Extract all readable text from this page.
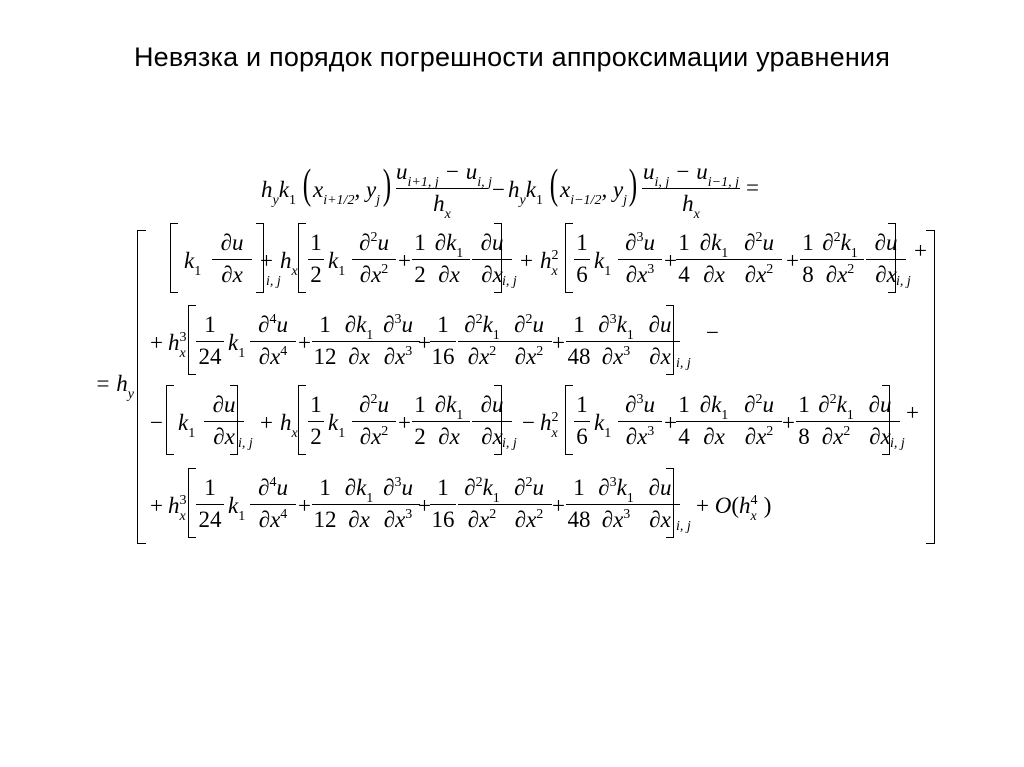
Невязка и порядок погрешности аппроксимации уравнения
$h_yk_1$ ( $x_{i+1/2}$, $y_j$ ) $u_{i+1, j} - u_{i, j}$
$h_x$
− $h_yk_1$ ( $x_{i-1/2}$, $y_j$ ) $u_{i, j} - u_{i-1, j}$
$h_x$
=
= $h_y$
$k_1$
∂u
∂x	i, j
+ $h_x$
1
2
$k_1$
∂$^2$u
$\partial x^2$ +
1
2
$\partial k_1$
∂x
∂u
∂x i, j
+ $h^2_x$
1
6
$k_1$
∂$^3$u
$\partial x^3$ +
1
4
$\partial k_1$
∂x
∂$^2$u
$\partial x^2$ +
1
8
$\partial^2k_1$
$\partial x^2$
∂u
∂x i, j
+
+ $h^3_x$
1
24
$k_1$
∂$^4$u
$\partial x^4$ +
1
12
$\partial k_1$
∂x
∂$^3$u
$\partial x^3$ +
1
16
$\partial^2k_1$
$\partial x^2$
∂$^2$u
$\partial x^2$ +
1
48
$\partial^3k_1$
$\partial x^3$
∂u
∂x i, j
−
− $k_1$
∂u
∂x i, j
+ $h_x$
1
2
$k_1$
∂$^2$u
$\partial x^2$ +
1
2
$\partial k_1$
∂x
∂u
∂x i, j
− $h^2_x$
1
6
$k_1$
∂$^3$u
$\partial x^3$ +
1
4
$\partial k_1$
∂x
∂$^2$u
$\partial x^2$ +
1
8
$\partial^2k_1$
$\partial x^2$
∂u
∂x i, j
+
+ $h^3_x$
1
24
$k_1$
∂$^4$u
$\partial x^4$ +
1
12
$\partial k_1$
∂x
∂$^3$u
$\partial x^3$ +
1
16
$\partial^2k_1$
$\partial x^2$
∂$^2$u
$\partial x^2$ +
1
48
$\partial^3k_1$
$\partial x^3$
∂u
∂x i, j
+ $O(h^4_x$ )
